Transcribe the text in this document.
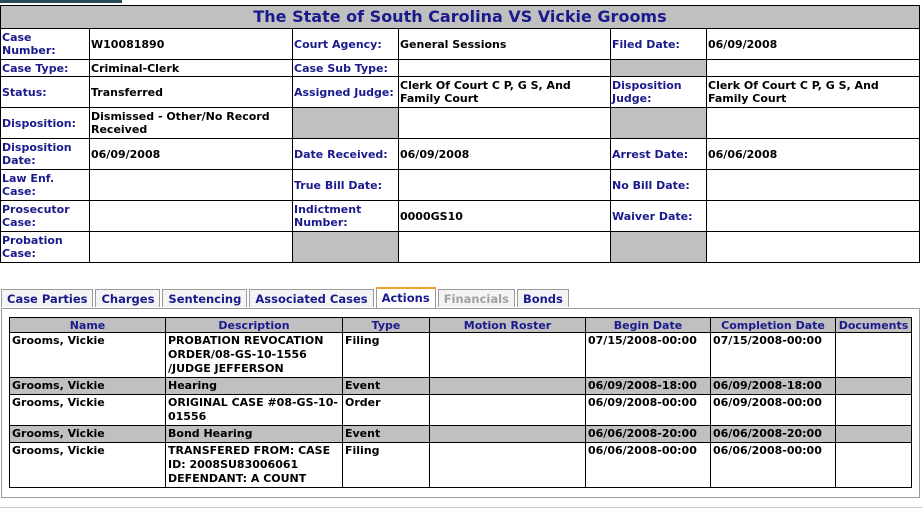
The State of South Carolina VS Vickie Grooms					
Case Number:	W10081890	Court Agency:	General Sessions	Filed Date:	06/09/2008
Case Type:	Criminal-Clerk	Case Sub Type:			
Status:	Transferred	Assigned Judge:	Clerk Of Court C P, G S, And Family Court	Disposition Judge:	Clerk Of Court C P, G S, And Family Court
Disposition:	Dismissed - Other/No Record Received				
Disposition Date:	06/09/2008	Date Received:	06/09/2008	Arrest Date:	06/06/2008
Law Enf. Case:		True Bill Date:		No Bill Date:	
Prosecutor Case:		Indictment Number:	0000GS10	Waiver Date:	
Probation Case:					
Case Parties	Charges	Sentencing	Associated Cases	Actions	Financials	Bonds
Name	Description	Type	Motion Roster	Begin Date	Completion Date	Documents
Grooms, Vickie	PROBATION REVOCATION ORDER/08-GS-10-1556 /JUDGE JEFFERSON	Filing		07/15/2008-00:00	07/15/2008-00:00	
Grooms, Vickie	Hearing	Event		06/09/2008-18:00	06/09/2008-18:00	
Grooms, Vickie	ORIGINAL CASE #08-GS-10-01556	Order		06/09/2008-00:00	06/09/2008-00:00	
Grooms, Vickie	Bond Hearing	Event		06/06/2008-20:00	06/06/2008-20:00	
Grooms, Vickie	TRANSFERED FROM: CASE ID: 2008SU83006061 DEFENDANT: A COUNT	Filing		06/06/2008-00:00	06/06/2008-00:00	
